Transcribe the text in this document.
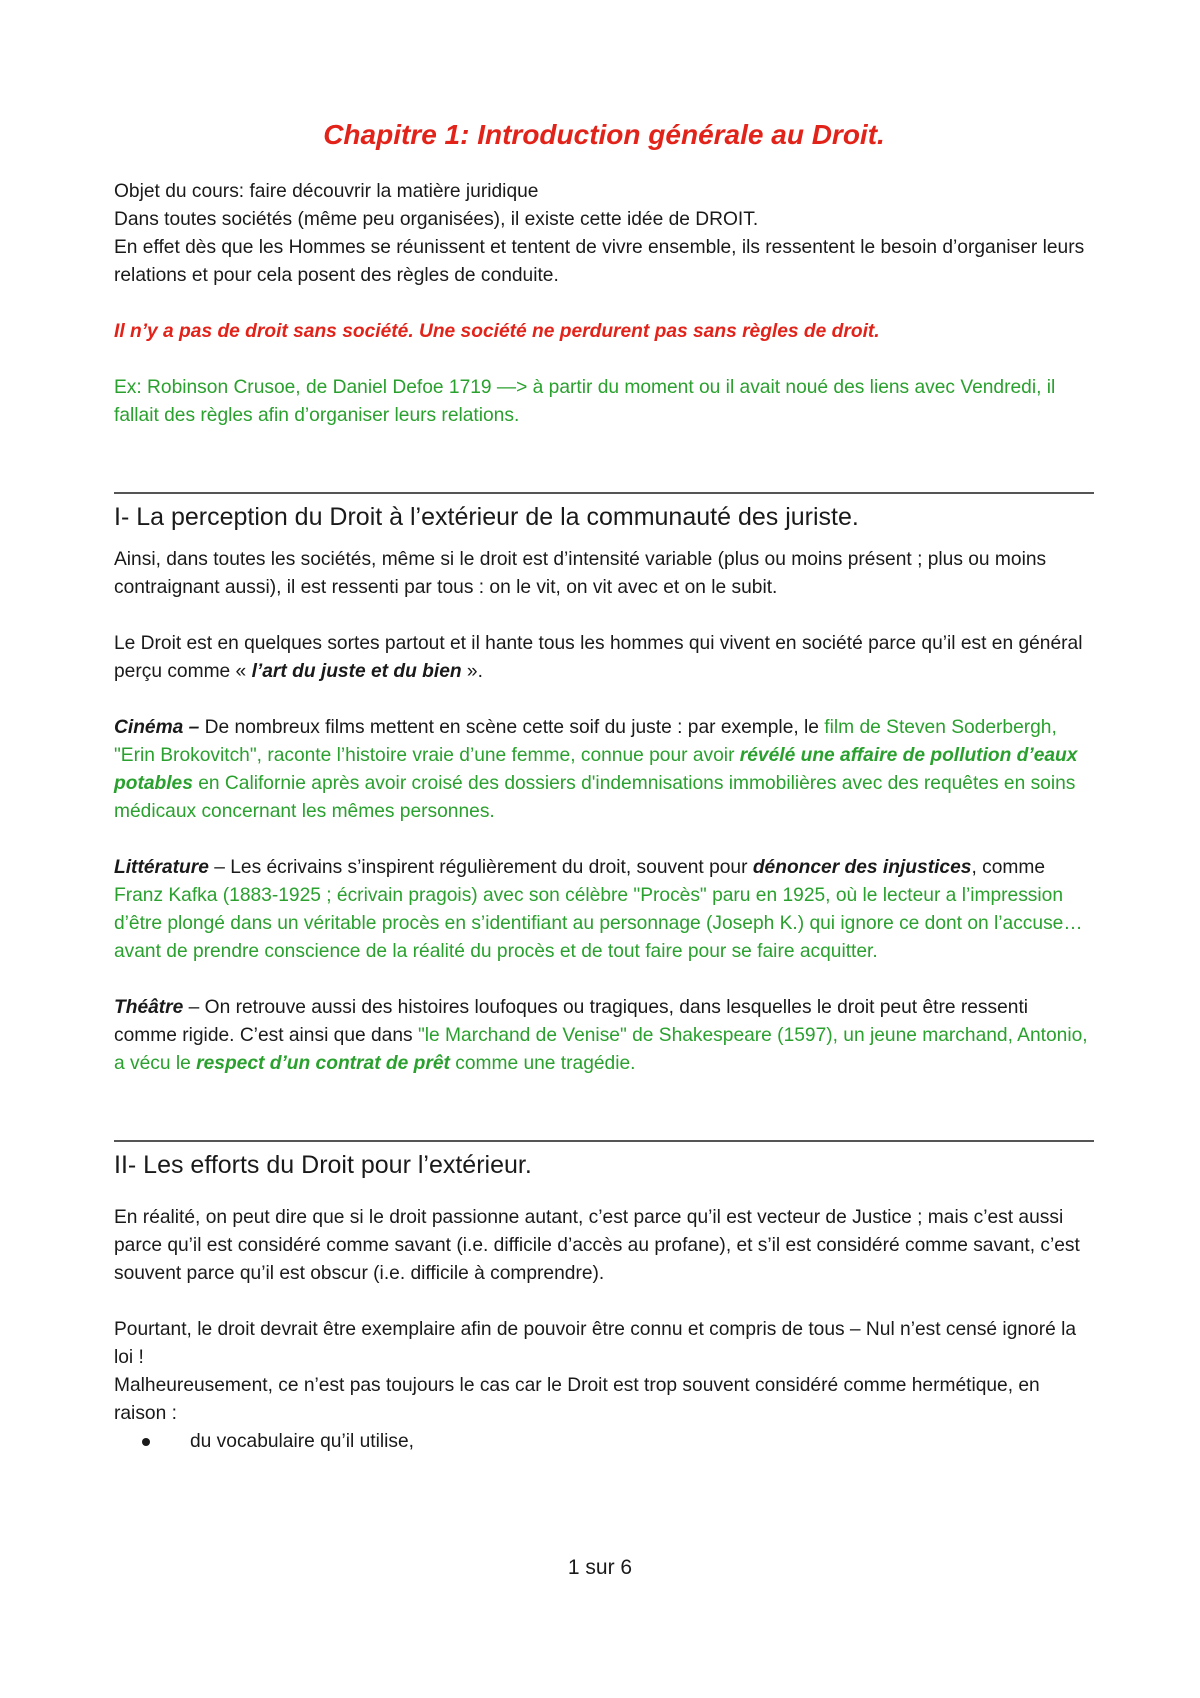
Chapitre 1: Introduction générale au Droit.

Objet du cours: faire découvrir la matière juridique

Dans toutes sociétés (même peu organisées), il existe cette idée de DROIT.

En effet dès que les Hommes se réunissent et tentent de vivre ensemble, ils ressentent le besoin d’organiser leurs relations et pour cela posent des règles de conduite.

Il n’y a pas de droit sans société. Une société ne perdurent pas sans règles de droit.

Ex: Robinson Crusoe, de Daniel Defoe 1719 —> à partir du moment ou il avait noué des liens avec Vendredi, il fallait des règles afin d’organiser leurs relations.

I- La perception du Droit à l’extérieur de la communauté des juriste.

Ainsi, dans toutes les sociétés, même si le droit est d’intensité variable (plus ou moins présent ; plus ou moins contraignant aussi), il est ressenti par tous : on le vit, on vit avec et on le subit.

Le Droit est en quelques sortes partout et il hante tous les hommes qui vivent en société parce qu’il est en général perçu comme « l’art du juste et du bien ».

Cinéma – De nombreux films mettent en scène cette soif du juste : par exemple, le film de Steven Soderbergh, "Erin Brokovitch", raconte l’histoire vraie d’une femme, connue pour avoir révélé une affaire de pollution d’eaux potables en Californie après avoir croisé des dossiers d'indemnisations immobilières avec des requêtes en soins médicaux concernant les mêmes personnes.

Littérature – Les écrivains s’inspirent régulièrement du droit, souvent pour dénoncer des injustices, comme Franz Kafka (1883-1925 ; écrivain pragois) avec son célèbre "Procès" paru en 1925, où le lecteur a l’impression d’être plongé dans un véritable procès en s’identifiant au personnage (Joseph K.) qui ignore ce dont on l’accuse… avant de prendre conscience de la réalité du procès et de tout faire pour se faire acquitter.

Théâtre – On retrouve aussi des histoires loufoques ou tragiques, dans lesquelles le droit peut être ressenti comme rigide. C’est ainsi que dans "le Marchand de Venise" de Shakespeare (1597), un jeune marchand, Antonio, a vécu le respect d’un contrat de prêt comme une tragédie.

II- Les efforts du Droit pour l’extérieur.

En réalité, on peut dire que si le droit passionne autant, c’est parce qu’il est vecteur de Justice ; mais c’est aussi parce qu’il est considéré comme savant (i.e. difficile d’accès au profane), et s’il est considéré comme savant, c’est souvent parce qu’il est obscur (i.e. difficile à comprendre).

Pourtant, le droit devrait être exemplaire afin de pouvoir être connu et compris de tous – Nul n’est censé ignoré la loi !

Malheureusement, ce n’est pas toujours le cas car le Droit est trop souvent considéré comme hermétique, en raison :

du vocabulaire qu’il utilise,
1 sur 6
